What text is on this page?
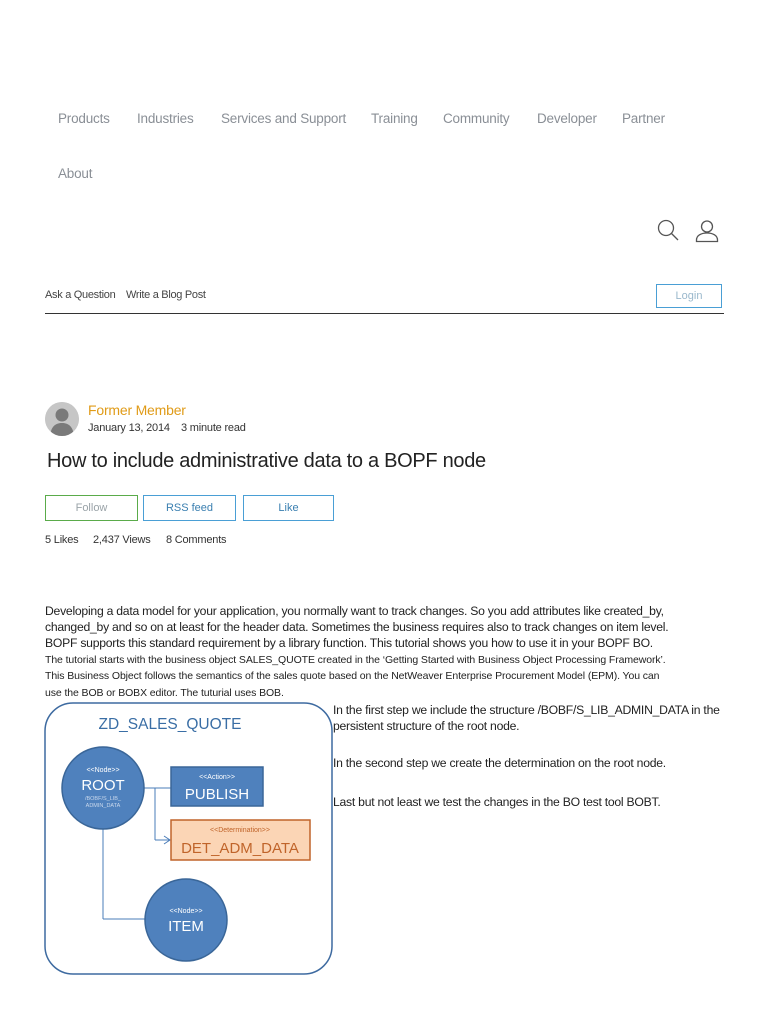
Products Industries Services and Support Training Community Developer Partner
About
Ask a Question Write a Blog Post	Login
Former Member
January 13, 2014 3 minute read
How to include administrative data to a BOPF node
Follow	RSS feed	Like
5 Likes 2,437 Views 8 Comments
Developing a data model for your application, you normally want to track changes. So you add attributes like created_by,
changed_by and so on at least for the header data. Sometimes the business requires also to track changes on item level.
BOPF supports this standard requirement by a library function. This tutorial shows you how to use it in your BOPF BO.
The tutorial starts with the business object SALES_QUOTE created in the ‘Getting Started with Business Object Processing Framework’.
This Business Object follows the semantics of the sales quote based on the NetWeaver Enterprise Procurement Model (EPM). You can
use the BOB or BOBX editor. The tuturial uses BOB.
In the first step we include the structure /BOBF/S_LIB_ADMIN_DATA in the persistent structure of the root node.
In the second step we create the determination on the root node.
Last but not least we test the changes in the BO test tool BOBT.
ZD_SALES_QUOTE
<<Node>>
ROOT
/BOBF/S_LIB_
ADMIN_DATA
<<Action>>
PUBLISH
<<Determination>>
DET_ADM_DATA
<<Node>>
ITEM
